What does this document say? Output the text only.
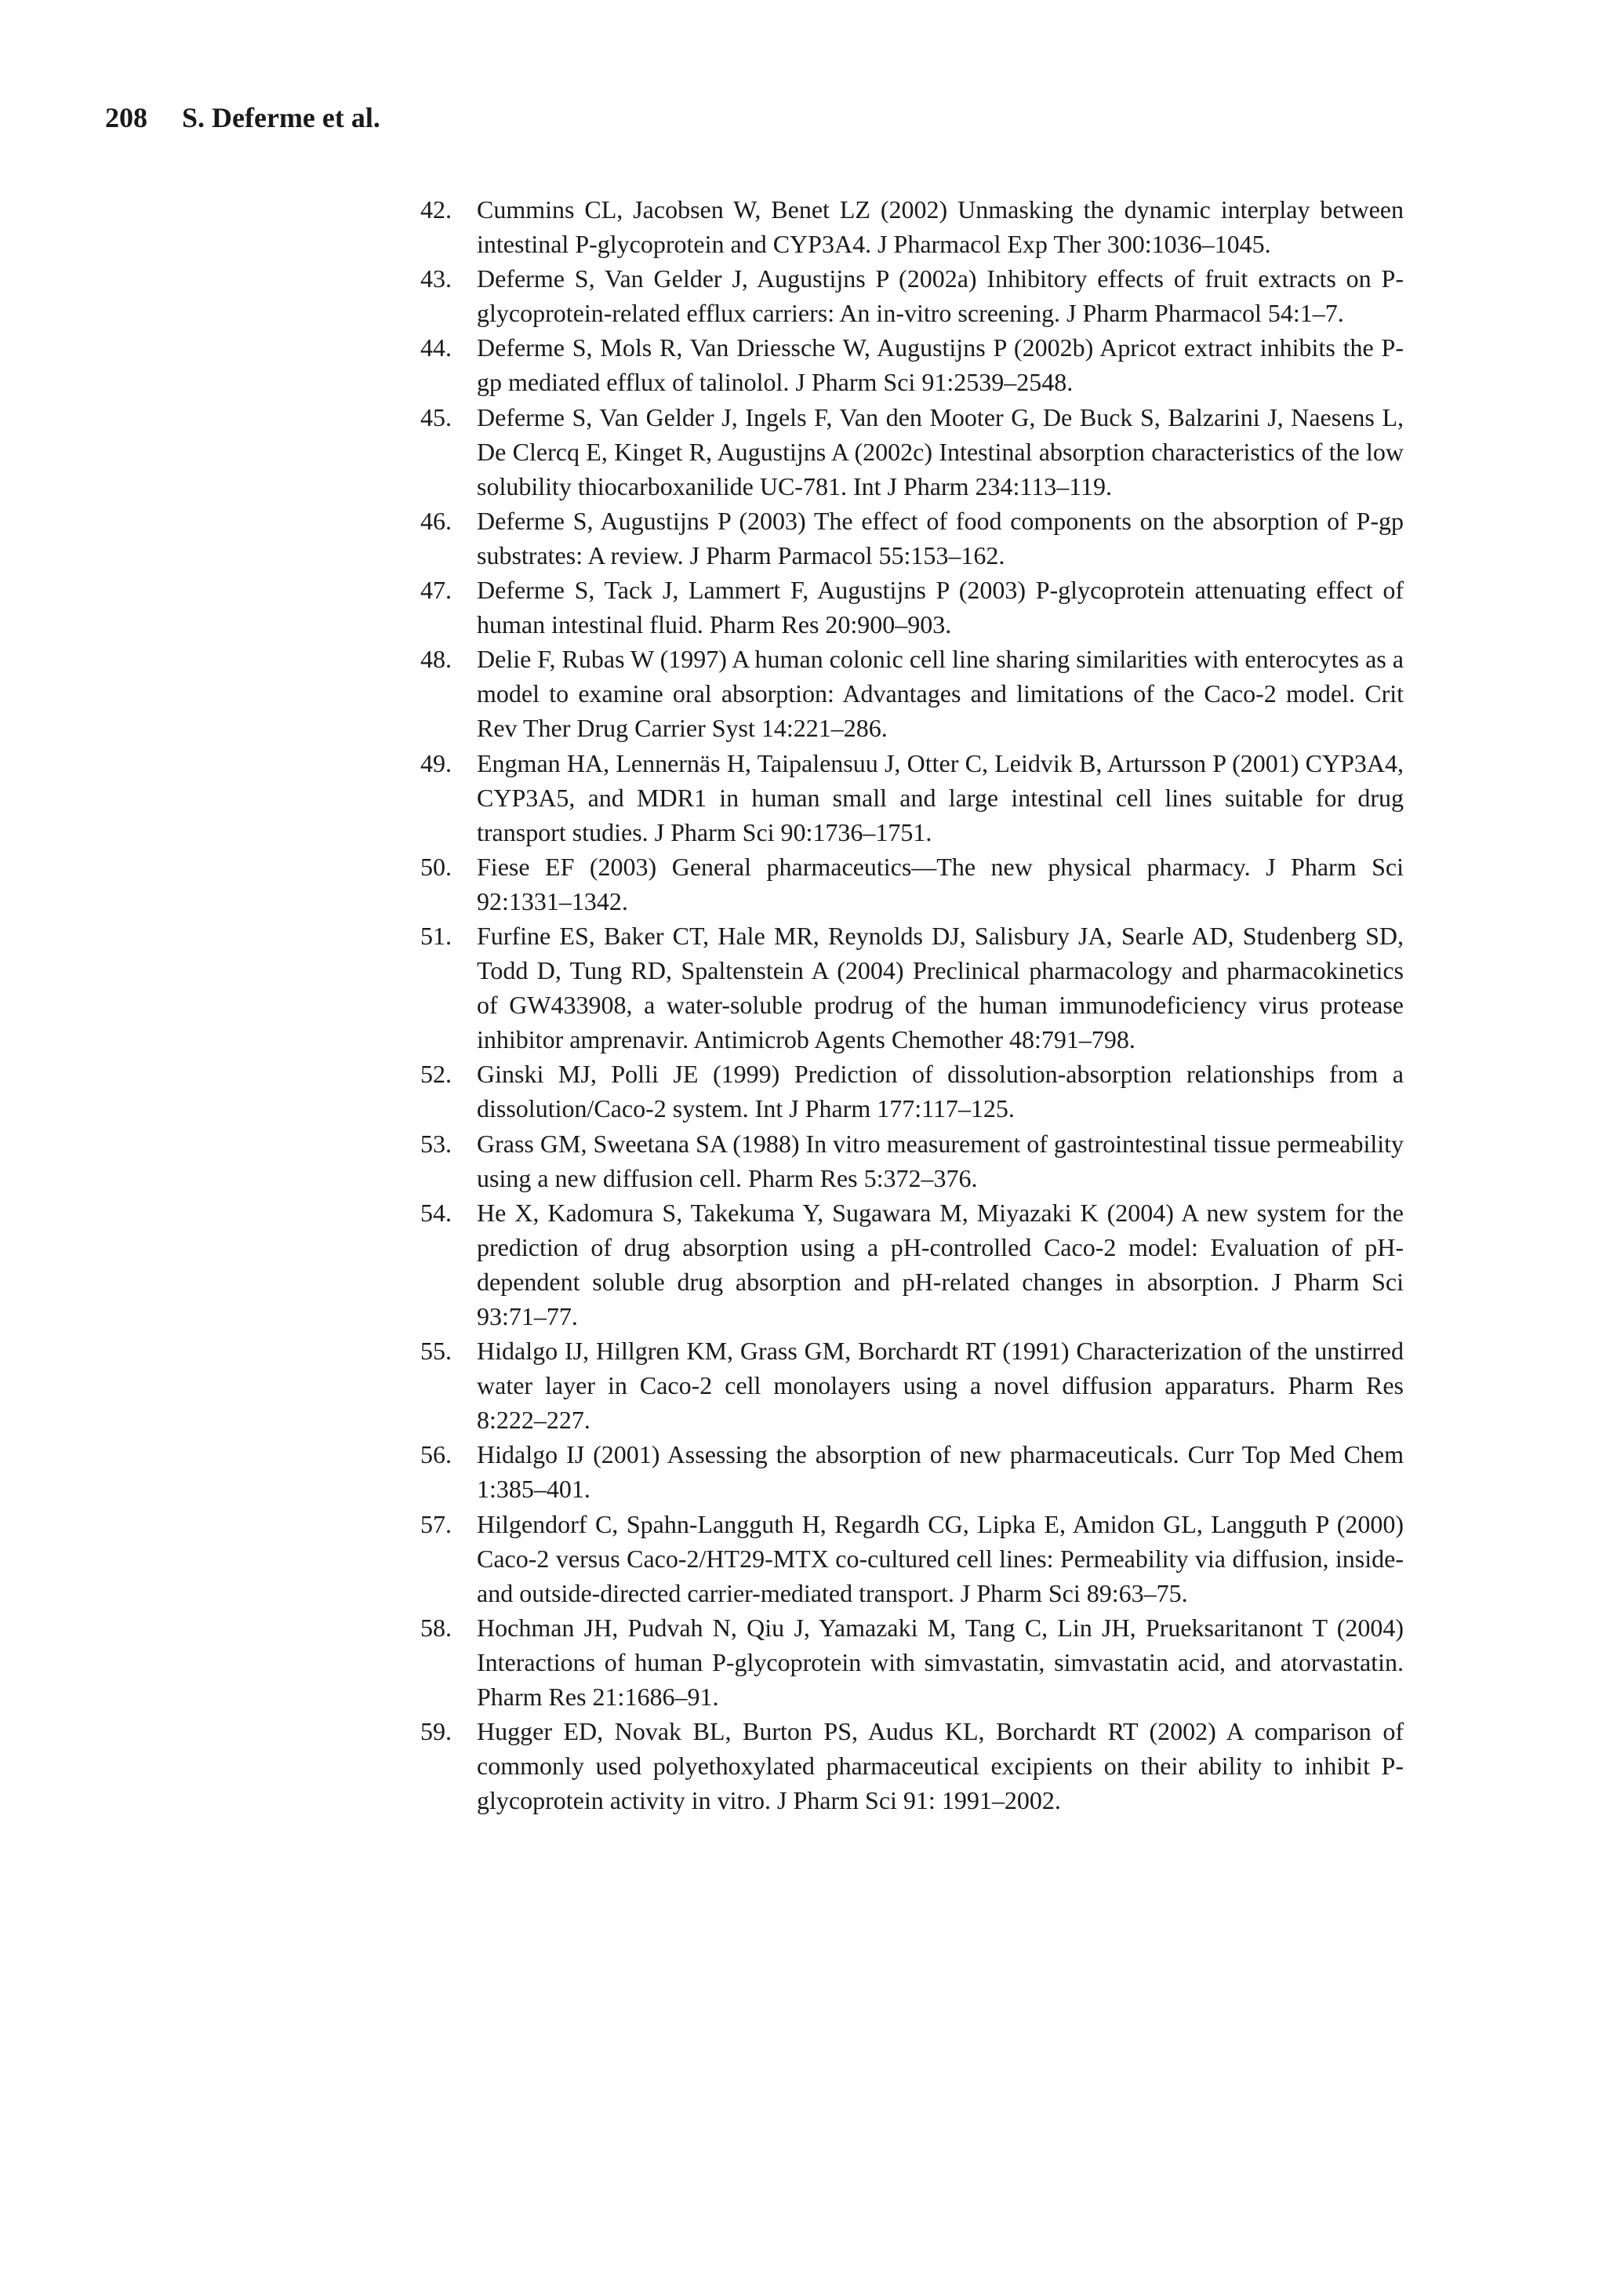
208 S. Deferme et al.
42.	Cummins CL, Jacobsen W, Benet LZ (2002) Unmasking the dynamic interplay between intestinal P-glycoprotein and CYP3A4. J Pharmacol Exp Ther 300:1036–1045.
43.	Deferme S, Van Gelder J, Augustijns P (2002a) Inhibitory effects of fruit extracts on P-glycoprotein-related efflux carriers: An in-vitro screening. J Pharm Pharmacol 54:1–7.
44.	Deferme S, Mols R, Van Driessche W, Augustijns P (2002b) Apricot extract inhibits the P-gp mediated efflux of talinolol. J Pharm Sci 91:2539–2548.
45.	Deferme S, Van Gelder J, Ingels F, Van den Mooter G, De Buck S, Balzarini J, Naesens L, De Clercq E, Kinget R, Augustijns A (2002c) Intestinal absorption characteristics of the low solubility thiocarboxanilide UC-781. Int J Pharm 234:113–119.
46.	Deferme S, Augustijns P (2003) The effect of food components on the absorption of P-gp substrates: A review. J Pharm Parmacol 55:153–162.
47.	Deferme S, Tack J, Lammert F, Augustijns P (2003) P-glycoprotein attenuating effect of human intestinal fluid. Pharm Res 20:900–903.
48.	Delie F, Rubas W (1997) A human colonic cell line sharing similarities with enterocytes as a model to examine oral absorption: Advantages and limitations of the Caco-2 model. Crit Rev Ther Drug Carrier Syst 14:221–286.
49.	Engman HA, Lennernäs H, Taipalensuu J, Otter C, Leidvik B, Artursson P (2001) CYP3A4, CYP3A5, and MDR1 in human small and large intestinal cell lines suitable for drug transport studies. J Pharm Sci 90:1736–1751.
50.	Fiese EF (2003) General pharmaceutics—The new physical pharmacy. J Pharm Sci 92:1331–1342.
51.	Furfine ES, Baker CT, Hale MR, Reynolds DJ, Salisbury JA, Searle AD, Studenberg SD, Todd D, Tung RD, Spaltenstein A (2004) Preclinical pharmacology and pharmacokinetics of GW433908, a water-soluble prodrug of the human immunodeficiency virus protease inhibitor amprenavir. Antimicrob Agents Chemother 48:791–798.
52.	Ginski MJ, Polli JE (1999) Prediction of dissolution-absorption relationships from a dissolution/Caco-2 system. Int J Pharm 177:117–125.
53.	Grass GM, Sweetana SA (1988) In vitro measurement of gastrointestinal tissue permeability using a new diffusion cell. Pharm Res 5:372–376.
54.	He X, Kadomura S, Takekuma Y, Sugawara M, Miyazaki K (2004) A new system for the prediction of drug absorption using a pH-controlled Caco-2 model: Evaluation of pH-dependent soluble drug absorption and pH-related changes in absorption. J Pharm Sci 93:71–77.
55.	Hidalgo IJ, Hillgren KM, Grass GM, Borchardt RT (1991) Characterization of the unstirred water layer in Caco-2 cell monolayers using a novel diffusion apparaturs. Pharm Res 8:222–227.
56.	Hidalgo IJ (2001) Assessing the absorption of new pharmaceuticals. Curr Top Med Chem 1:385–401.
57.	Hilgendorf C, Spahn-Langguth H, Regardh CG, Lipka E, Amidon GL, Langguth P (2000) Caco-2 versus Caco-2/HT29-MTX co-cultured cell lines: Permeability via diffusion, inside- and outside-directed carrier-mediated transport. J Pharm Sci 89:63–75.
58.	Hochman JH, Pudvah N, Qiu J, Yamazaki M, Tang C, Lin JH, Prueksaritanont T (2004) Interactions of human P-glycoprotein with simvastatin, simvastatin acid, and atorvastatin. Pharm Res 21:1686–91.
59.	Hugger ED, Novak BL, Burton PS, Audus KL, Borchardt RT (2002) A comparison of commonly used polyethoxylated pharmaceutical excipients on their ability to inhibit P-glycoprotein activity in vitro. J Pharm Sci 91: 1991–2002.
